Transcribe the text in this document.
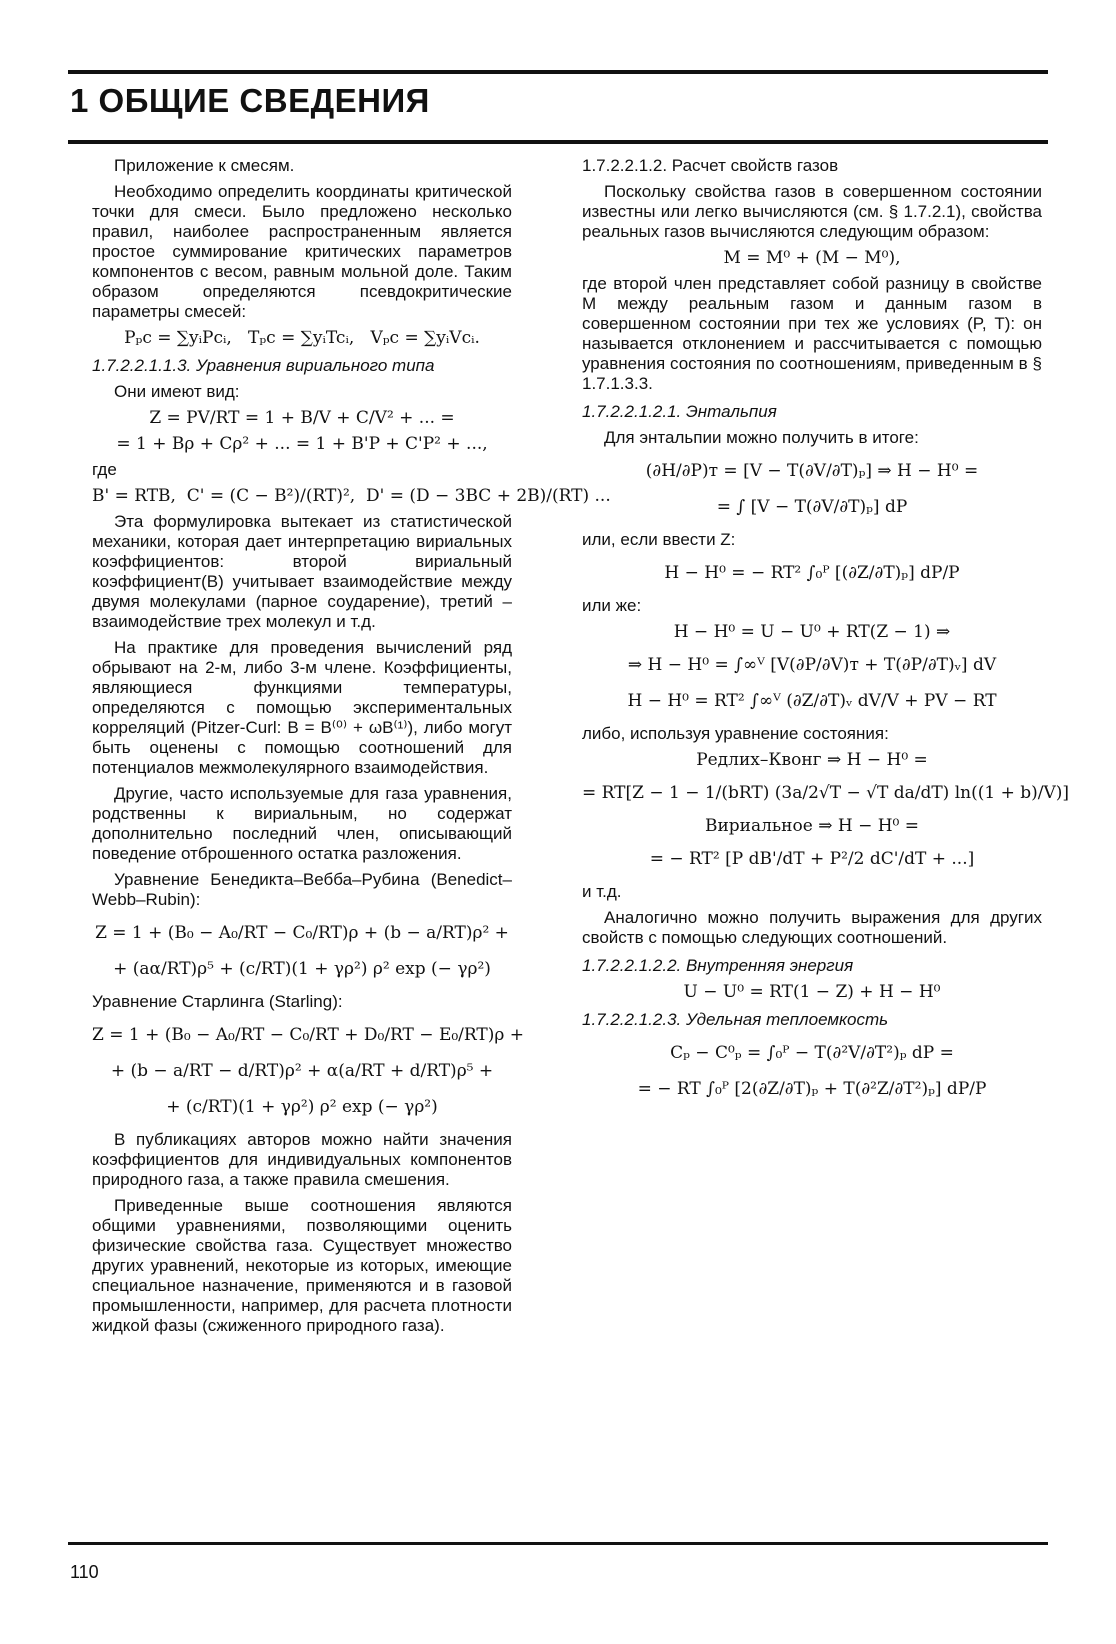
1 ОБЩИЕ СВЕДЕНИЯ

Приложение к смесям.

Необходимо определить координаты критической точки для смеси. Было предложено несколько правил, наиболее распространенным является простое суммирование критических параметров компонентов с весом, равным мольной доле. Таким образом определяются псевдокритические параметры смесей:

Pₚc = ∑yᵢPcᵢ,   Tₚc = ∑yᵢTcᵢ,   Vₚc = ∑yᵢVcᵢ.
1.7.2.2.1.1.3. Уравнения вириального типа

Они имеют вид:

Z = PV/RT = 1 + B/V + C/V² + ... =
= 1 + Bρ + Cρ² + ... = 1 + B'P + C'P² + ...,

где

B' = RTB,  C' = (C − B²)/(RT)²,  D' = (D − 3BC + 2B)/(RT) ...

Эта формулировка вытекает из статистической механики, которая дает интерпретацию вириальных коэффициентов: второй вириальный коэффициент(B) учитывает взаимодействие между двумя молекулами (парное соударение), третий – взаимодействие трех молекул и т.д.

На практике для проведения вычислений ряд обрывают на 2-м, либо 3-м члене. Коэффициенты, являющиеся функциями температуры, определяются с помощью экспериментальных корреляций (Pitzer-Curl: B = B⁽⁰⁾ + ωB⁽¹⁾), либо могут быть оценены с помощью соотношений для потенциалов межмолекулярного взаимодействия.

Другие, часто используемые для газа уравнения, родственны к вириальным, но содержат дополнительно последний член, описывающий поведение отброшенного остатка разложения.

Уравнение Бенедикта–Вебба–Рубина (Benedict–Webb–Rubin):

Z = 1 + (B₀ − A₀/RT − C₀/RT)ρ + (b − a/RT)ρ² +
+ (aα/RT)ρ⁵ + (c/RT)(1 + γρ²) ρ² exp (− γρ²)

Уравнение Старлинга (Starling):

Z = 1 + (B₀ − A₀/RT − C₀/RT + D₀/RT − E₀/RT)ρ +
+ (b − a/RT − d/RT)ρ² + α(a/RT + d/RT)ρ⁵ +
+ (c/RT)(1 + γρ²) ρ² exp (− γρ²)

В публикациях авторов можно найти значения коэффициентов для индивидуальных компонентов природного газа, а также правила смешения.

Приведенные выше соотношения являются общими уравнениями, позволяющими оценить физические свойства газа. Существует множество других уравнений, некоторые из которых, имеющие специальное назначение, применяются и в газовой промышленности, например, для расчета плотности жидкой фазы (сжиженного природного газа).

1.7.2.2.1.2. Расчет свойств газов

Поскольку свойства газов в совершенном состоянии известны или легко вычисляются (см. § 1.7.2.1), свойства реальных газов вычисляются следующим образом:

M = M⁰ + (M − M⁰),

где второй член представляет собой разницу в свойстве M между реальным газом и данным газом в совершенном состоянии при тех же условиях (P, T): он называется отклонением и рассчитывается с помощью уравнения состояния по соотношениям, приведенным в § 1.7.1.3.3.

1.7.2.2.1.2.1. Энтальпия

Для энтальпии можно получить в итоге:

(∂H/∂P)ᴛ = [V − T(∂V/∂T)ₚ] ⇒ H − H⁰ =
= ∫ [V − T(∂V/∂T)ₚ] dP

или, если ввести Z:

H − H⁰ = − RT² ∫₀ᴾ [(∂Z/∂T)ₚ] dP/P

или же:

H − H⁰ = U − U⁰ + RT(Z − 1) ⇒
⇒ H − H⁰ = ∫∞ⱽ [V(∂P/∂V)ᴛ + T(∂P/∂T)ᵥ] dV
H − H⁰ = RT² ∫∞ⱽ (∂Z/∂T)ᵥ dV/V + PV − RT

либо, используя уравнение состояния:

Редлих–Квонг ⇒ H − H⁰ =
= RT[Z − 1 − 1/(bRT) (3a/2√T − √T da/dT) ln((1 + b)/V)]
Вириальное ⇒ H − H⁰ =
= − RT² [P dB'/dT + P²/2 dC'/dT + ...]

и т.д.

Аналогично можно получить выражения для других свойств с помощью следующих соотношений.

1.7.2.2.1.2.2. Внутренняя энергия
U − U⁰ = RT(1 − Z) + H − H⁰
1.7.2.2.1.2.3. Удельная теплоемкость
Cₚ − C⁰ₚ = ∫₀ᴾ − T(∂²V/∂T²)ₚ dP =
= − RT ∫₀ᴾ [2(∂Z/∂T)ₚ + T(∂²Z/∂T²)ₚ] dP/P
110
